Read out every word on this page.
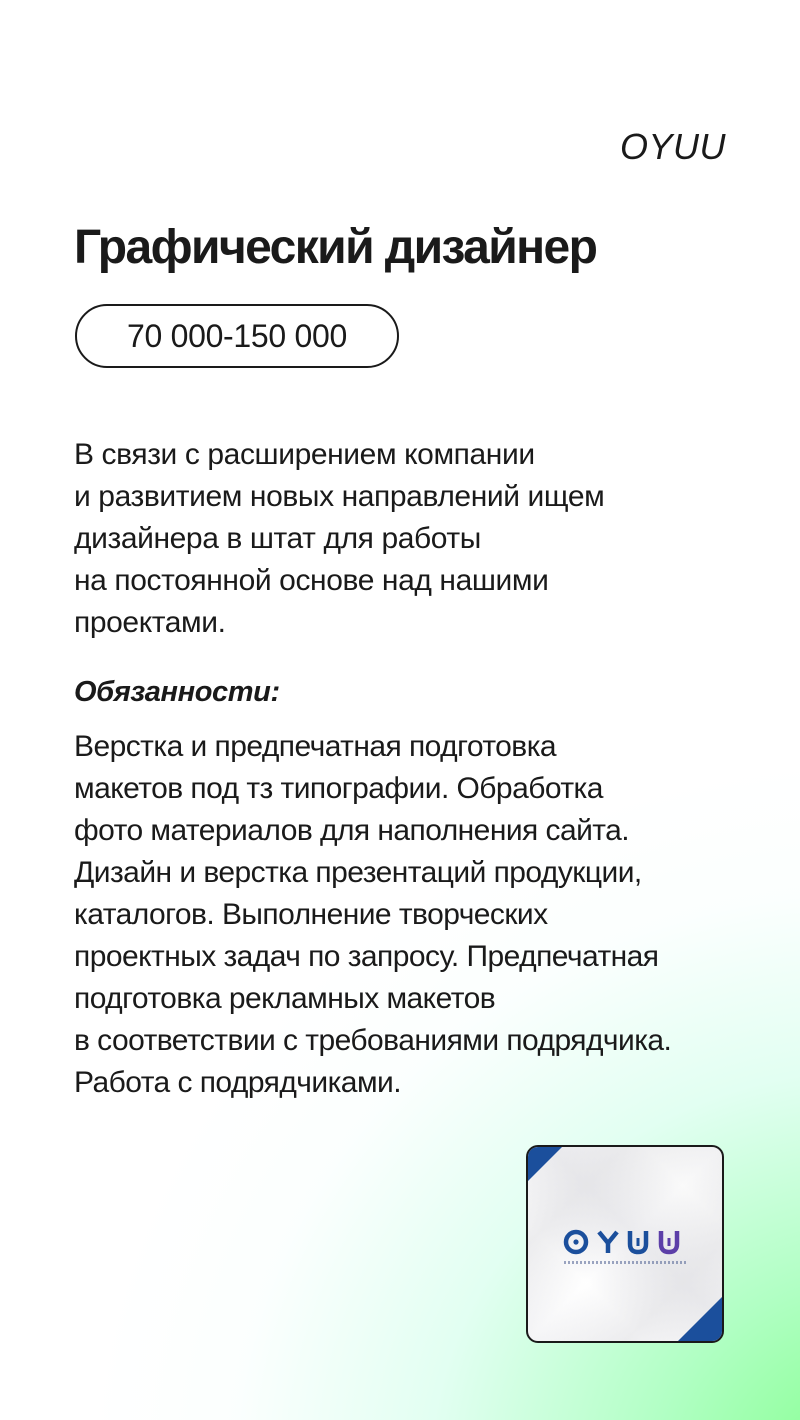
OYUU
Графический дизайнер
70 000-150 000
В связи с расширением компании
и развитием новых направлений ищем
дизайнера в штат для работы
на постоянной основе над нашими
проектами.
Обязанности:
Верстка и предпечатная подготовка
макетов под тз типографии. Обработка
фото материалов для наполнения сайта.
Дизайн и верстка презентаций продукции,
каталогов. Выполнение творческих
проектных задач по запросу. Предпечатная
подготовка рекламных макетов
в соответствии с требованиями подрядчика.
Работа с подрядчиками.
